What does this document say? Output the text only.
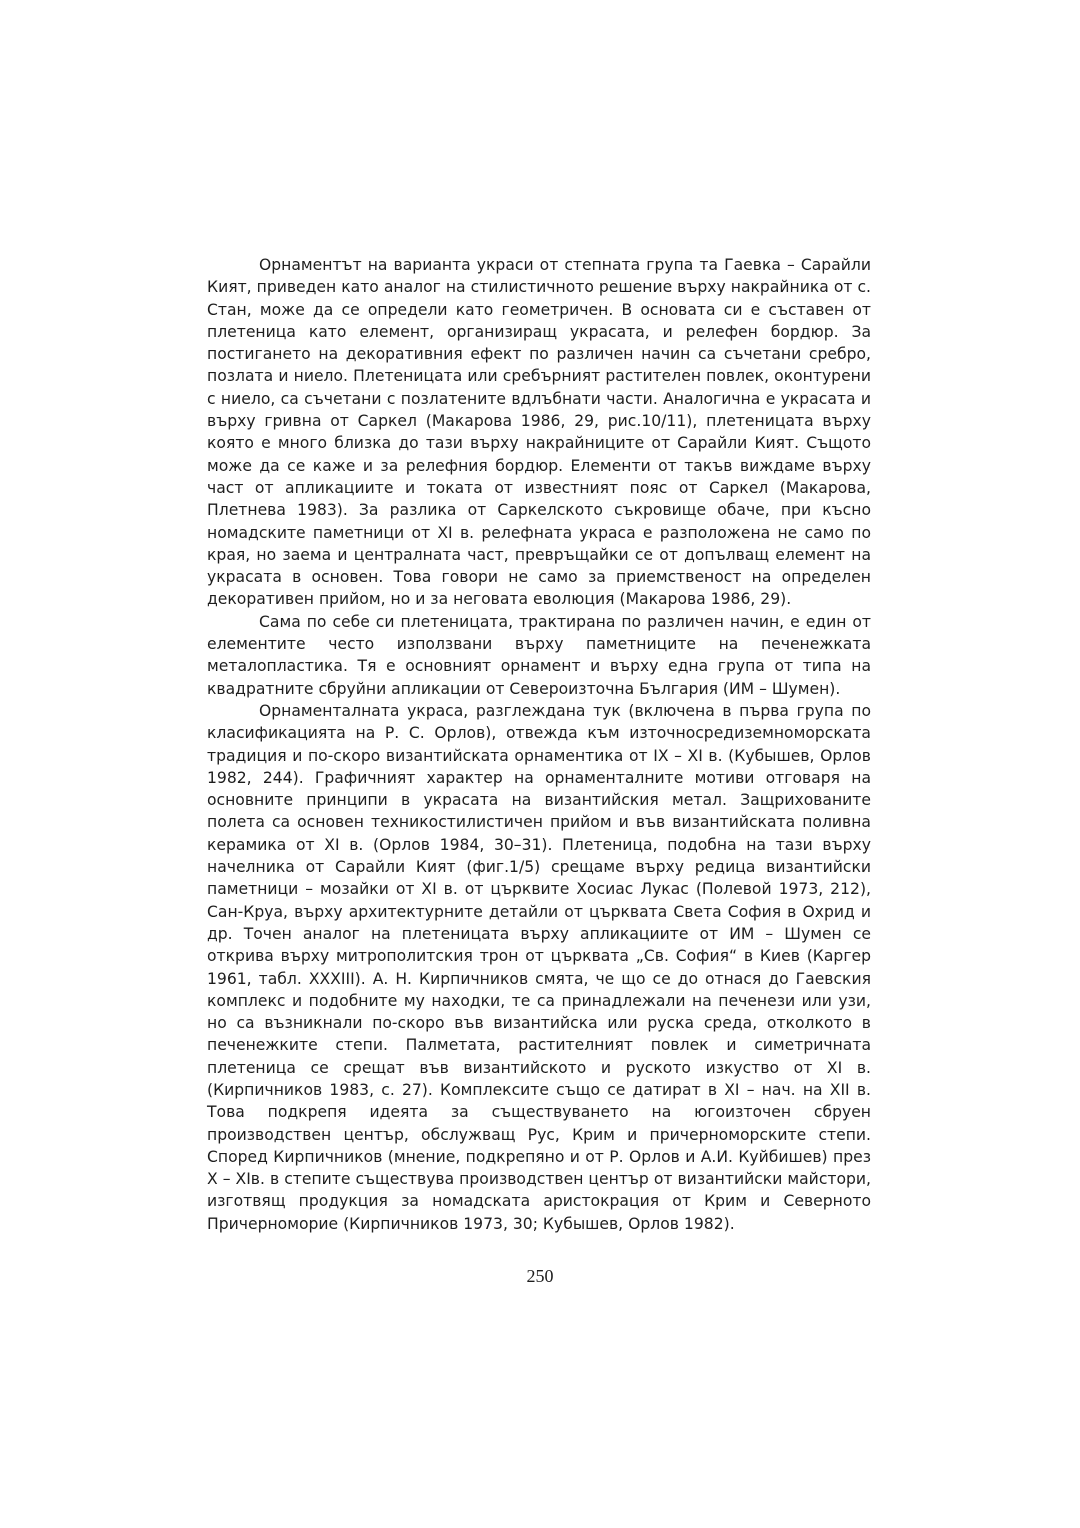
Орнаментът на варианта украси от степната група та Гаевка – Сарайли Кият, приведен като аналог на стилистичното решение върху накрайника от с. Стан, може да се определи като геометричен. В основата си е съставен от плетеница като елемент, организиращ украсата, и релефен бордюр. За постигането на декоративния ефект по различен начин са съчетани сребро, позлата и ниело. Плетеницата или сребърният растителен повлек, оконтурени с ниело, са съчетани с позлатените вдлъбнати части. Аналогична е украсата и върху гривна от Саркел (Макарова 1986, 29, рис.10/11), плетеницата върху която е много близка до тази върху накрайниците от Сарайли Кият. Същото може да се каже и за релефния бордюр. Елементи от такъв виждаме върху част от апликациите и токата от известният пояс от Саркел (Макарова, Плетнева 1983). За разлика от Саркелското съкровище обаче, при късно номадските паметници от XI в. релефната украса е разположена не само по края, но заема и централната част, превръщайки се от допълващ елемент на украсата в основен. Това говори не само за приемственост на определен декоративен прийом, но и за неговата еволюция (Макарова 1986, 29).

Сама по себе си плетеницата, трактирана по различен начин, е един от елементите често използвани върху паметниците на печенежката металопластика. Тя е основният орнамент и върху една група от типа на квадратните сбруйни апликации от Североизточна България (ИМ – Шумен).

Орнаменталната украса, разглеждана тук (включена в първа група по класификацията на Р. С. Орлов), отвежда към източносредиземноморската традиция и по-скоро византийската орнаментика от IX – XI в. (Кубышев, Орлов 1982, 244). Графичният характер на орнаменталните мотиви отговаря на основните принципи в украсата на византийския метал. Защрихованите полета са основен техникостилистичен прийом и във византийската поливна керамика от XI в. (Орлов 1984, 30–31). Плетеница, подобна на тази върху начелника от Сарайли Кият (фиг.1/5) срещаме върху редица византийски паметници – мозайки от XI в. от църквите Хосиас Лукас (Полевой 1973, 212), Сан-Круа, върху архитектурните детайли от църквата Света София в Охрид и др. Точен аналог на плетеницата върху апликациите от ИМ – Шумен се открива върху митрополитския трон от църквата „Св. София“ в Киев (Каргер 1961, табл. XXXIII). А. Н. Кирпичников смята, че що се до отнася до Гаевския комплекс и подобните му находки, те са принадлежали на печенези или узи, но са възникнали по-скоро във византийска или руска среда, отколкото в печенежките степи. Палметата, растителният повлек и симетричната плетеница се срещат във византийското и руското изкуство от XI в. (Кирпичников 1983, с. 27). Комплексите също се датират в XI – нач. на XII в. Това подкрепя идеята за съществуването на югоизточен сбруен производствен център, обслужващ Рус, Крим и причерноморските степи. Според Кирпичников (мнение, подкрепяно и от Р. Орлов и А.И. Куйбишев) през X – XIв. в степите съществува производствен център от византийски майстори, изготвящ продукция за номадската аристокрация от Крим и Северното Причерноморие (Кирпичников 1973, 30; Кубышев, Орлов 1982).

250
